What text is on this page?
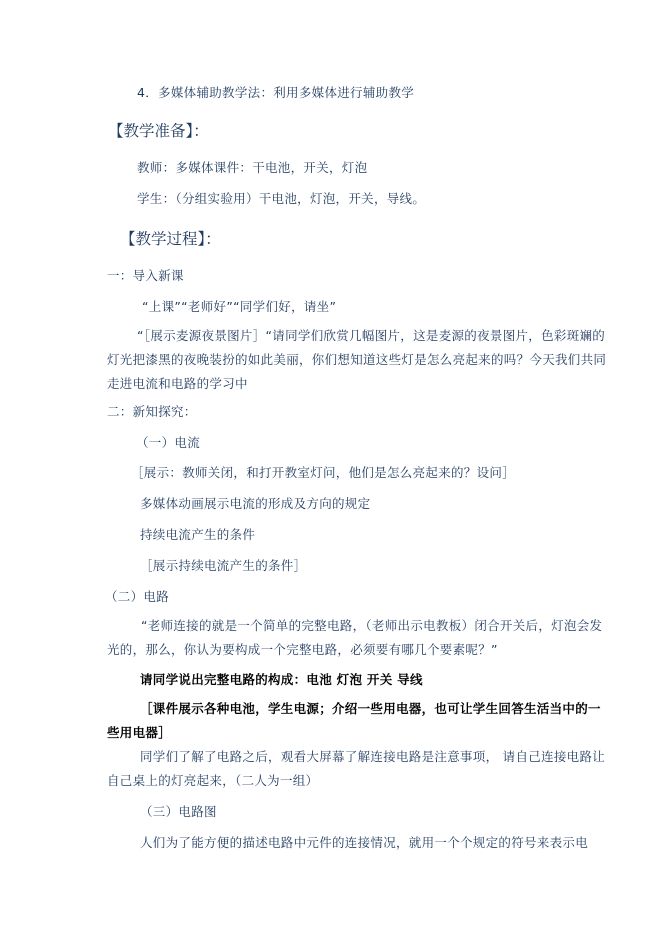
4．多媒体辅助教学法：利用多媒体进行辅助教学
【教学准备】：
教师：多媒体课件：干电池，开关，灯泡
学生：（分组实验用）干电池，灯泡，开关，导线。
【教学过程】：
一：导入新课
“上课”“老师好”“同学们好，请坐”
“［展示麦源夜景图片］“请同学们欣赏几幅图片，这是麦源的夜景图片，色彩斑斓的灯光把漆黑的夜晚装扮的如此美丽，你们想知道这些灯是怎么亮起来的吗？今天我们共同走进电流和电路的学习中
二：新知探究：
（一）电流
［展示：教师关闭，和打开教室灯问，他们是怎么亮起来的？设问］
多媒体动画展示电流的形成及方向的规定
持续电流产生的条件
［展示持续电流产生的条件］
（二）电路
“老师连接的就是一个简单的完整电路，（老师出示电教板）闭合开关后，灯泡会发光的，那么，你认为要构成一个完整电路，必须要有哪几个要素呢？”
请同学说出完整电路的构成：电池 灯泡 开关 导线
［课件展示各种电池，学生电源；介绍一些用电器，也可让学生回答生活当中的一些用电器］
同学们了解了电路之后，观看大屏幕了解连接电路是注意事项， 请自己连接电路让自己桌上的灯亮起来，（二人为一组）
（三）电路图
人们为了能方便的描述电路中元件的连接情况，就用一个个规定的符号来表示电
